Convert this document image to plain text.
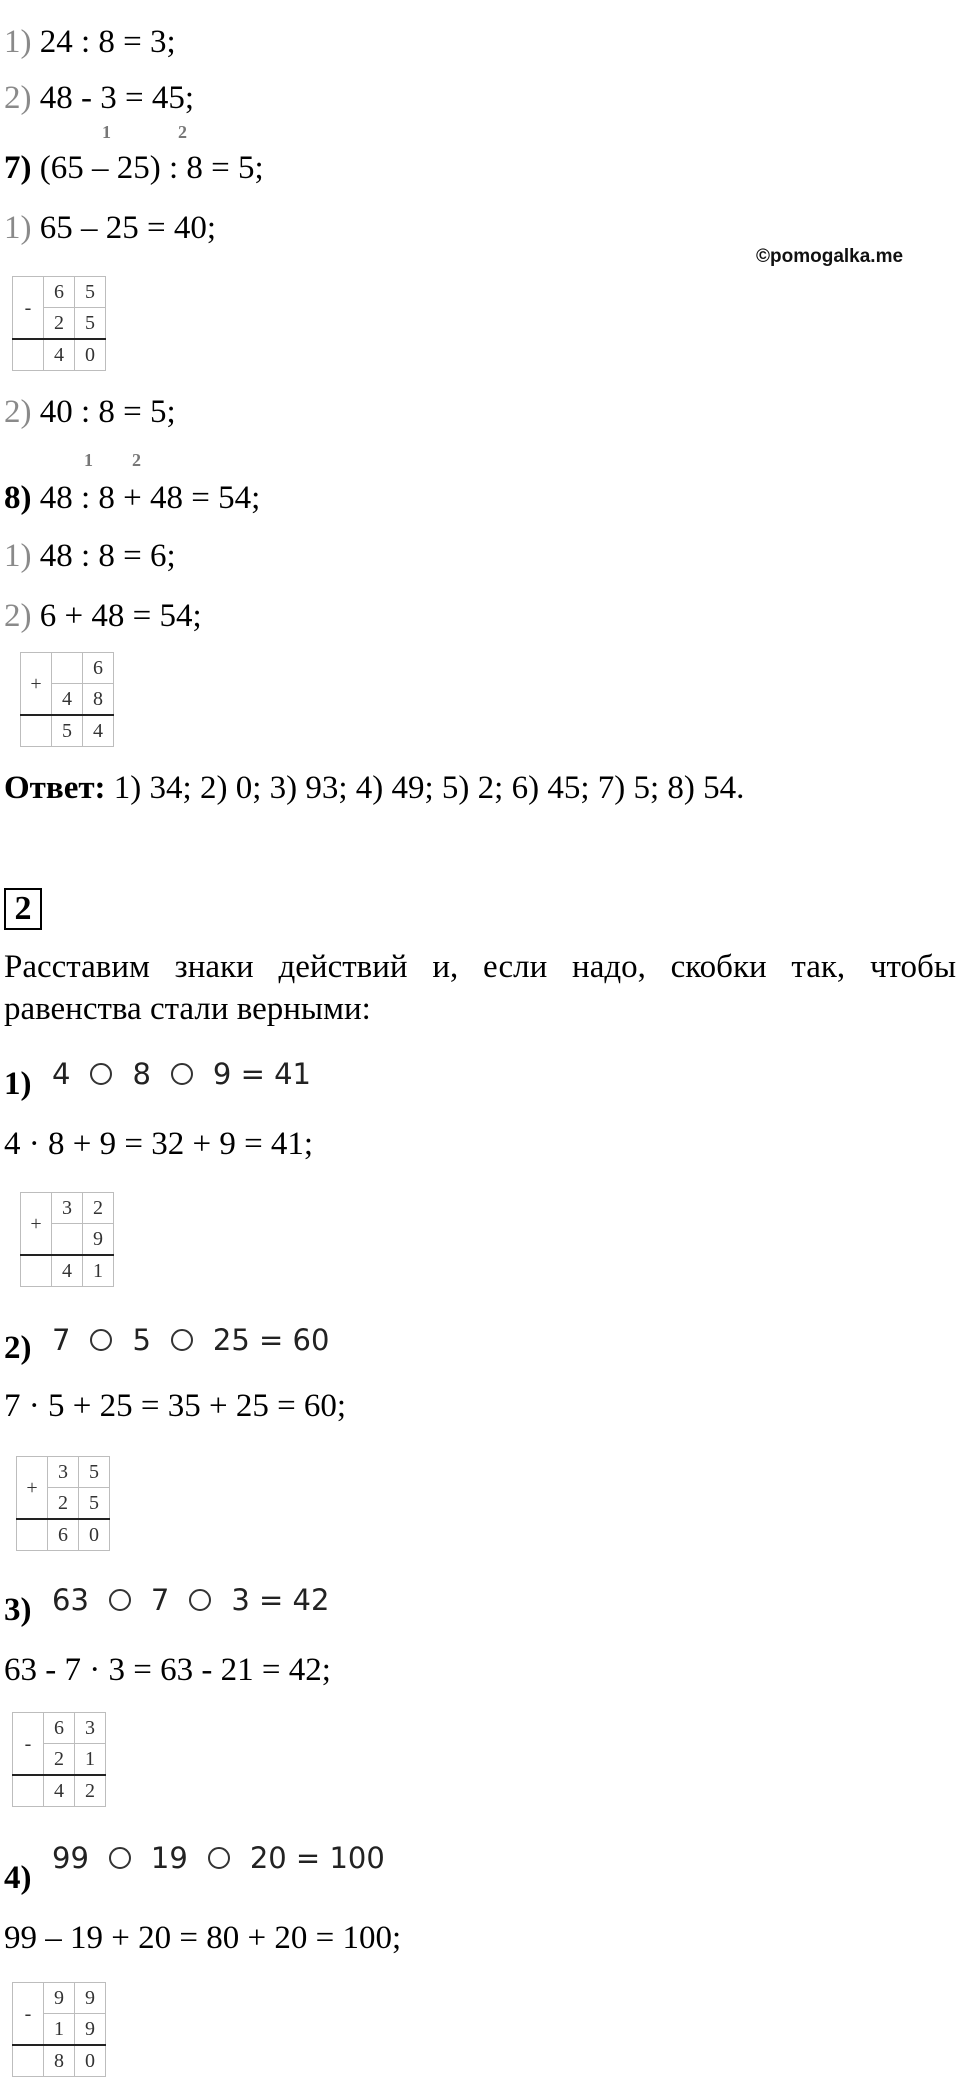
©pomogalka.me
1) 24 : 8 = 3;
2) 48 - 3 = 45;
1	2
7) (65 – 25) : 8 = 5;
1) 65 – 25 = 40;
-	6	5
	2	5
	4	0
2) 40 : 8 = 5;
1 2
8) 48 : 8 + 48 = 54;
1) 48 : 8 = 6;
2) 6 + 48 = 54;
+		6
	4	8
	5	4
Ответ: 1) 34; 2) 0; 3) 93; 4) 49; 5) 2; 6) 45; 7) 5; 8) 54.
2
Расставим знаки действий и, если надо, скобки так, чтобы равенства стали верными:
1) 4 8 9 = 41
4 · 8 + 9 = 32 + 9 = 41;
+	3	2
		9
	4	1
2) 7 5 25 = 60
7 · 5 + 25 = 35 + 25 = 60;
+	3	5
	2	5
	6	0
3) 63 7 3 = 42
63 - 7 · 3 = 63 - 21 = 42;
-	6	3
	2	1
	4	2
4)
99 19 20 = 100
99 – 19 + 20 = 80 + 20 = 100;
-	9	9
	1	9
	8	0
